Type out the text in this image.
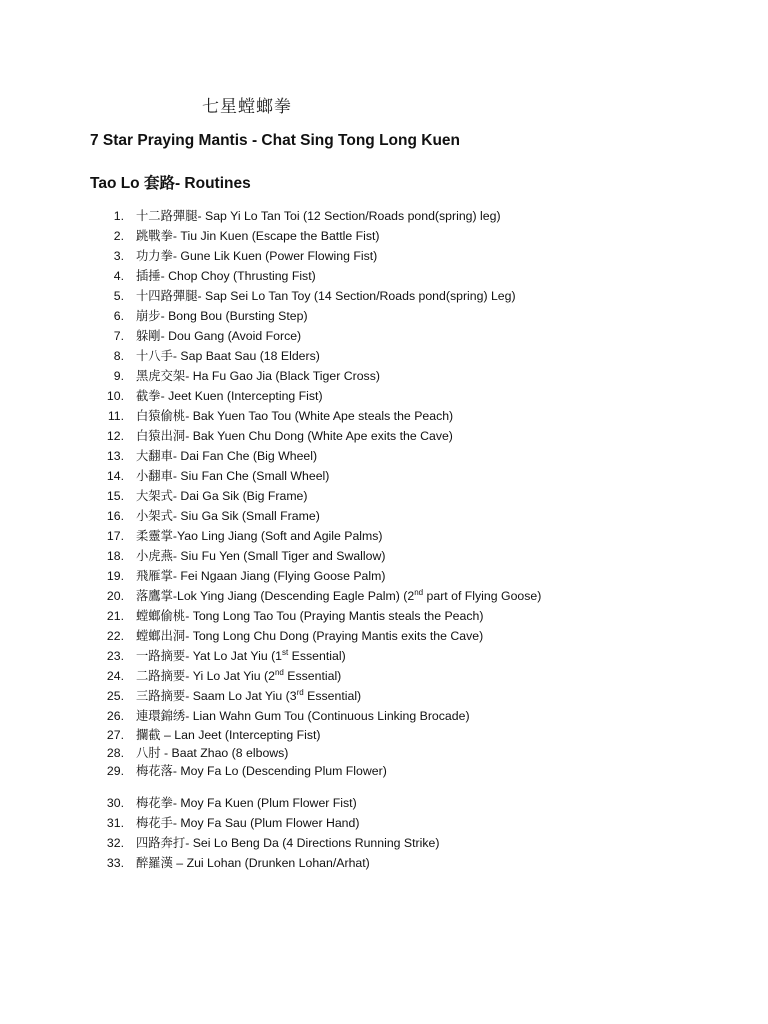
七星螳螂拳
7 Star Praying Mantis - Chat Sing Tong Long Kuen
Tao Lo 套路- Routines
1. 十二路彈腿- Sap Yi Lo Tan Toi (12 Section/Roads pond(spring) leg)
2. 跳戰拳- Tiu Jin Kuen (Escape the Battle Fist)
3. 功力拳- Gune Lik Kuen (Power Flowing Fist)
4. 插捶- Chop Choy (Thrusting Fist)
5. 十四路彈腿- Sap Sei Lo Tan Toy (14 Section/Roads pond(spring) Leg)
6. 崩步- Bong Bou (Bursting Step)
7. 躲剛- Dou Gang (Avoid Force)
8. 十八手- Sap Baat Sau (18 Elders)
9. 黑虎交架- Ha Fu Gao Jia (Black Tiger Cross)
10. 截拳- Jeet Kuen (Intercepting Fist)
11. 白猿偷桃- Bak Yuen Tao Tou (White Ape steals the Peach)
12. 白猿出洞- Bak Yuen Chu Dong (White Ape exits the Cave)
13. 大翻車- Dai Fan Che (Big Wheel)
14. 小翻車- Siu Fan Che (Small Wheel)
15. 大架式- Dai Ga Sik (Big Frame)
16. 小架式- Siu Ga Sik (Small Frame)
17. 柔靈掌-Yao Ling Jiang (Soft and Agile Palms)
18. 小虎燕- Siu Fu Yen (Small Tiger and Swallow)
19. 飛雁掌- Fei Ngaan Jiang (Flying Goose Palm)
20. 落鷹掌-Lok Ying Jiang (Descending Eagle Palm) (2nd part of Flying Goose)
21. 螳螂偷桃- Tong Long Tao Tou (Praying Mantis steals the Peach)
22. 螳螂出洞- Tong Long Chu Dong (Praying Mantis exits the Cave)
23. 一路摘要- Yat Lo Jat Yiu (1st Essential)
24. 二路摘要- Yi Lo Jat Yiu (2nd Essential)
25. 三路摘要- Saam Lo Jat Yiu (3rd Essential)
26. 連環錦绣- Lian Wahn Gum Tou (Continuous Linking Brocade)
27. 攔截 – Lan Jeet (Intercepting Fist)
28. 八肘 - Baat Zhao (8 elbows)
29. 梅花落- Moy Fa Lo (Descending Plum Flower)
30. 梅花拳- Moy Fa Kuen (Plum Flower Fist)
31. 梅花手- Moy Fa Sau (Plum Flower Hand)
32. 四路奔打- Sei Lo Beng Da (4 Directions Running Strike)
33. 醉羅漢 – Zui Lohan (Drunken Lohan/Arhat)
